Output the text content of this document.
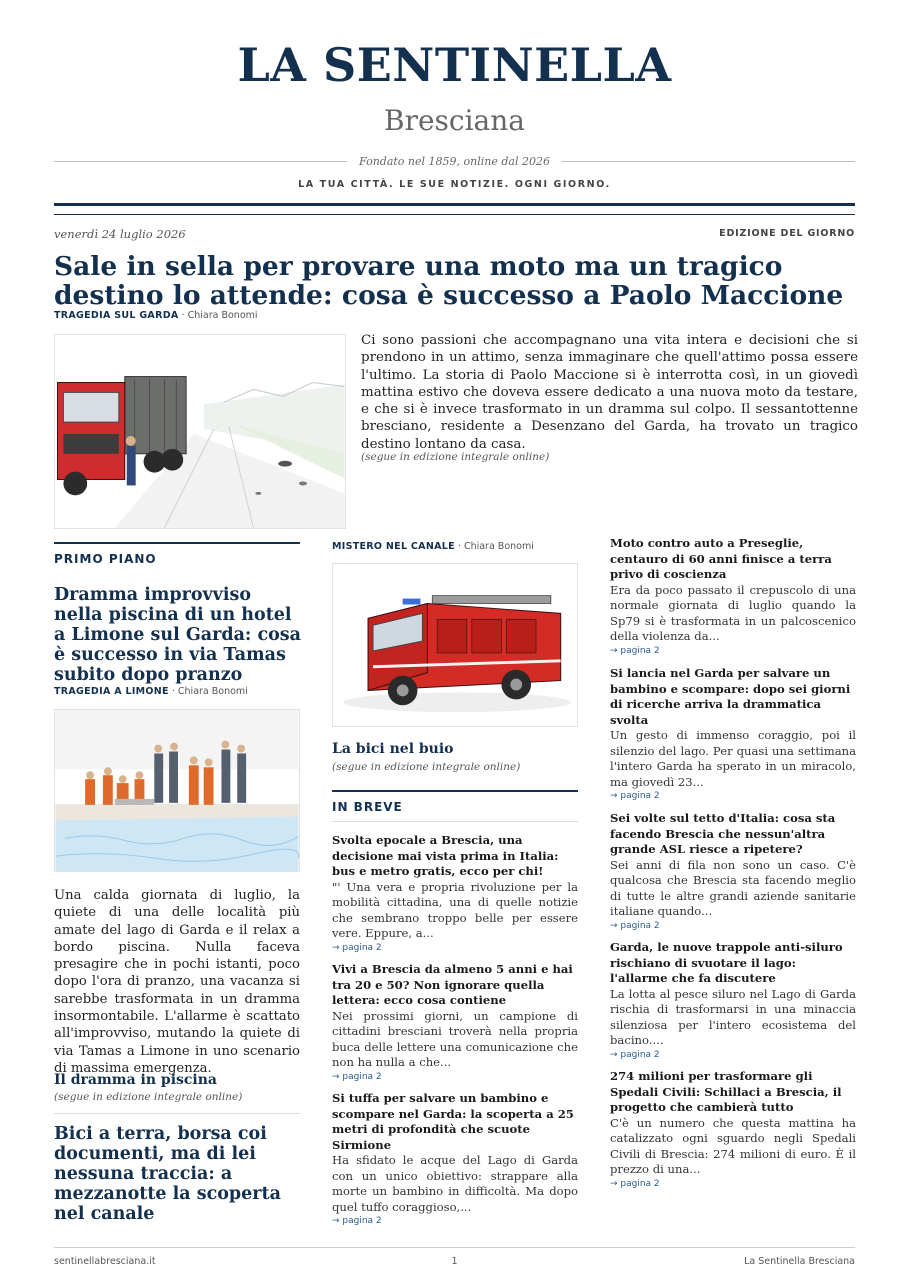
LA SENTINELLA
Bresciana
Fondato nel 1859, online dal 2026
LA TUA CITTÀ. LE SUE NOTIZIE. OGNI GIORNO.
venerdì 24 luglio 2026	EDIZIONE DEL GIORNO
Sale in sella per provare una moto ma un tragico destino lo attende: cosa è successo a Paolo Maccione
TRAGEDIA SUL GARDA · Chiara Bonomi

Ci sono passioni che accompagnano una vita intera e decisioni che si prendono in un attimo, senza immaginare che quell'attimo possa essere l'ultimo. La storia di Paolo Maccione si è interrotta così, in un giovedì mattina estivo che doveva essere dedicato a una nuova moto da testare, e che si è invece trasformato in un dramma sul colpo. Il sessantottenne bresciano, residente a Desenzano del Garda, ha trovato un tragico destino lontano da casa.

(segue in edizione integrale online)
PRIMO PIANO
Dramma improvviso nella piscina di un hotel a Limone sul Garda: cosa è successo in via Tamas subito dopo pranzo
TRAGEDIA A LIMONE · Chiara Bonomi

Una calda giornata di luglio, la quiete di una delle località più amate del lago di Garda e il relax a bordo piscina. Nulla faceva presagire che in pochi istanti, poco dopo l'ora di pranzo, una vacanza si sarebbe trasformata in un dramma insormontabile. L'allarme è scattato all'improvviso, mutando la quiete di via Tamas a Limone in uno scenario di massima emergenza.

Il dramma in piscina
(segue in edizione integrale online)
Bici a terra, borsa coi documenti, ma di lei nessuna traccia: a mezzanotte la scoperta nel canale
MISTERO NEL CANALE · Chiara Bonomi
La bici nel buio
(segue in edizione integrale online)
IN BREVE
Svolta epocale a Brescia, una decisione mai vista prima in Italia: bus e metro gratis, ecco per chi!

"' Una vera e propria rivoluzione per la mobilità cittadina, una di quelle notizie che sembrano troppo belle per essere vere. Eppure, a...

→ pagina 2
Vivi a Brescia da almeno 5 anni e hai tra 20 e 50? Non ignorare quella lettera: ecco cosa contiene

Nei prossimi giorni, un campione di cittadini bresciani troverà nella propria buca delle lettere una comunicazione che non ha nulla a che...

→ pagina 2
Si tuffa per salvare un bambino e scompare nel Garda: la scoperta a 25 metri di profondità che scuote Sirmione

Ha sfidato le acque del Lago di Garda con un unico obiettivo: strappare alla morte un bambino in difficoltà. Ma dopo quel tuffo coraggioso,...

→ pagina 2
Moto contro auto a Preseglie, centauro di 60 anni finisce a terra privo di coscienza

Era da poco passato il crepuscolo di una normale giornata di luglio quando la Sp79 si è trasformata in un palcoscenico della violenza da...

→ pagina 2
Si lancia nel Garda per salvare un bambino e scompare: dopo sei giorni di ricerche arriva la drammatica svolta

Un gesto di immenso coraggio, poi il silenzio del lago. Per quasi una settimana l'intero Garda ha sperato in un miracolo, ma giovedì 23...

→ pagina 2
Sei volte sul tetto d'Italia: cosa sta facendo Brescia che nessun'altra grande ASL riesce a ripetere?

Sei anni di fila non sono un caso. C'è qualcosa che Brescia sta facendo meglio di tutte le altre grandi aziende sanitarie italiane quando...

→ pagina 2
Garda, le nuove trappole anti-siluro rischiano di svuotare il lago: l'allarme che fa discutere

La lotta al pesce siluro nel Lago di Garda rischia di trasformarsi in una minaccia silenziosa per l'intero ecosistema del bacino....

→ pagina 2
274 milioni per trasformare gli Spedali Civili: Schillaci a Brescia, il progetto che cambierà tutto

C'è un numero che questa mattina ha catalizzato ogni sguardo negli Spedali Civili di Brescia: 274 milioni di euro. È il prezzo di una...

→ pagina 2
sentinellabresciana.it	1	La Sentinella Bresciana
